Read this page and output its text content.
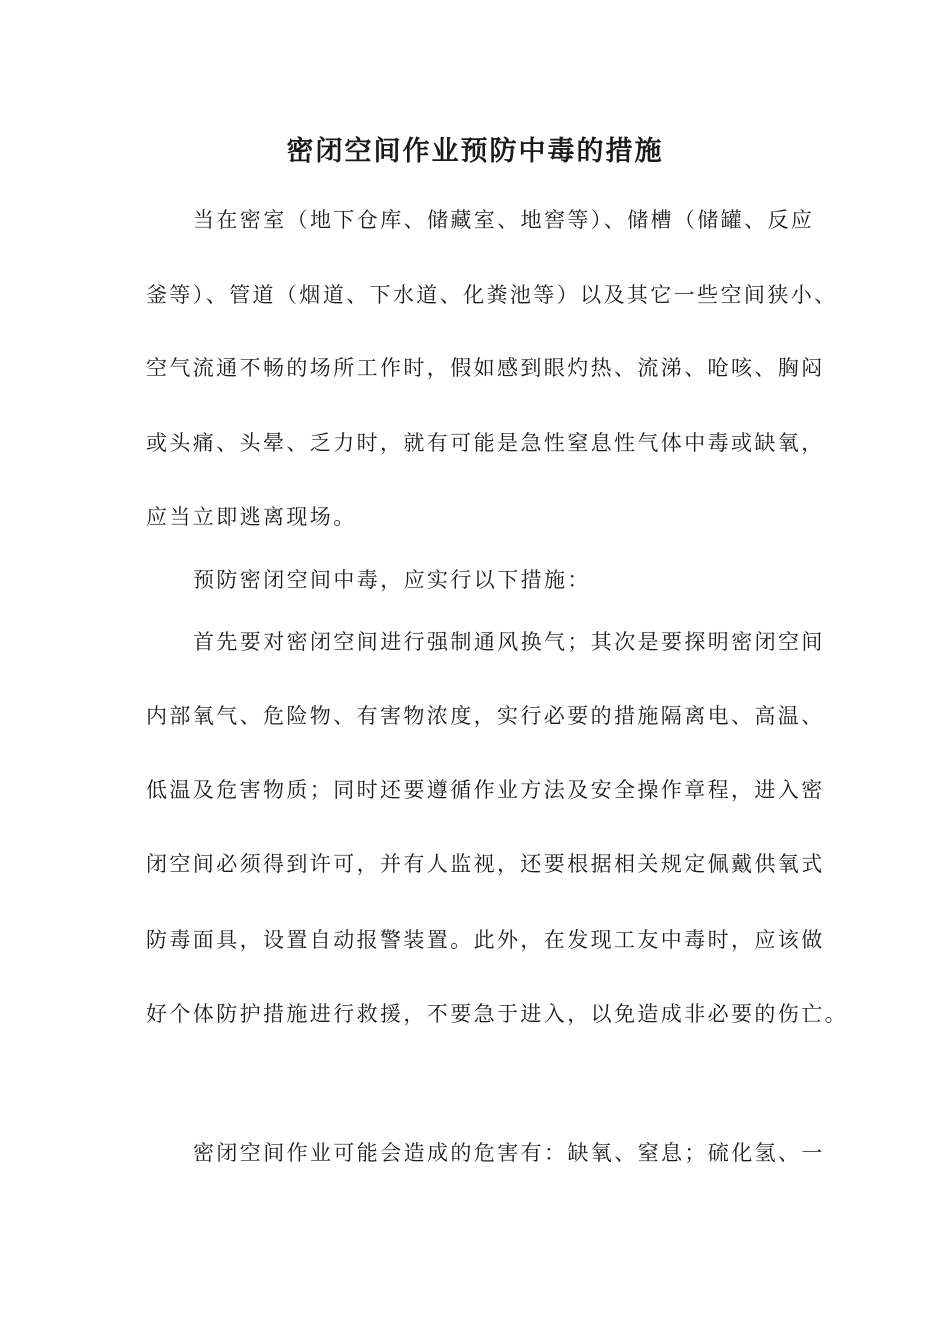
密闭空间作业预防中毒的措施
当在密室（地下仓库、储藏室、地窖等）、储槽（储罐、反应
釜等）、管道（烟道、下水道、化粪池等）以及其它一些空间狭小、
空气流通不畅的场所工作时，假如感到眼灼热、流涕、呛咳、胸闷
或头痛、头晕、乏力时，就有可能是急性窒息性气体中毒或缺氧，
应当立即逃离现场。
预防密闭空间中毒，应实行以下措施：
首先要对密闭空间进行强制通风换气；其次是要探明密闭空间
内部氧气、危险物、有害物浓度，实行必要的措施隔离电、高温、
低温及危害物质；同时还要遵循作业方法及安全操作章程，进入密
闭空间必须得到许可，并有人监视，还要根据相关规定佩戴供氧式
防毒面具，设置自动报警装置。此外，在发现工友中毒时，应该做
好个体防护措施进行救援，不要急于进入，以免造成非必要的伤亡。
密闭空间作业可能会造成的危害有：缺氧、窒息；硫化氢、一
